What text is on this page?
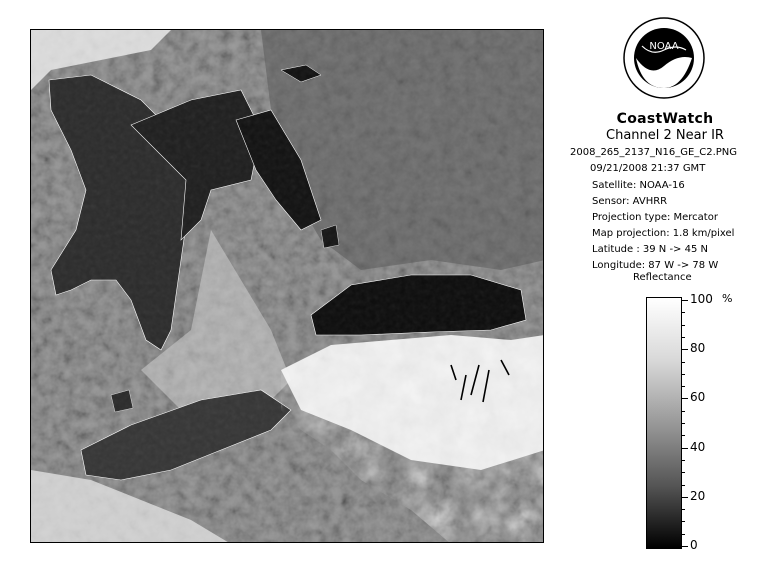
NOAA
CoastWatch
Channel 2 Near IR
2008_265_2137_N16_GE_C2.PNG
09/21/2008 21:37 GMT
Satellite: NOAA-16
Sensor: AVHRR
Projection type: Mercator
Map projection: 1.8 km/pixel
Latitude : 39 N -> 45 N
Longitude: 87 W -> 78 W
Reflectance
%
100
80
60
40
20
0
